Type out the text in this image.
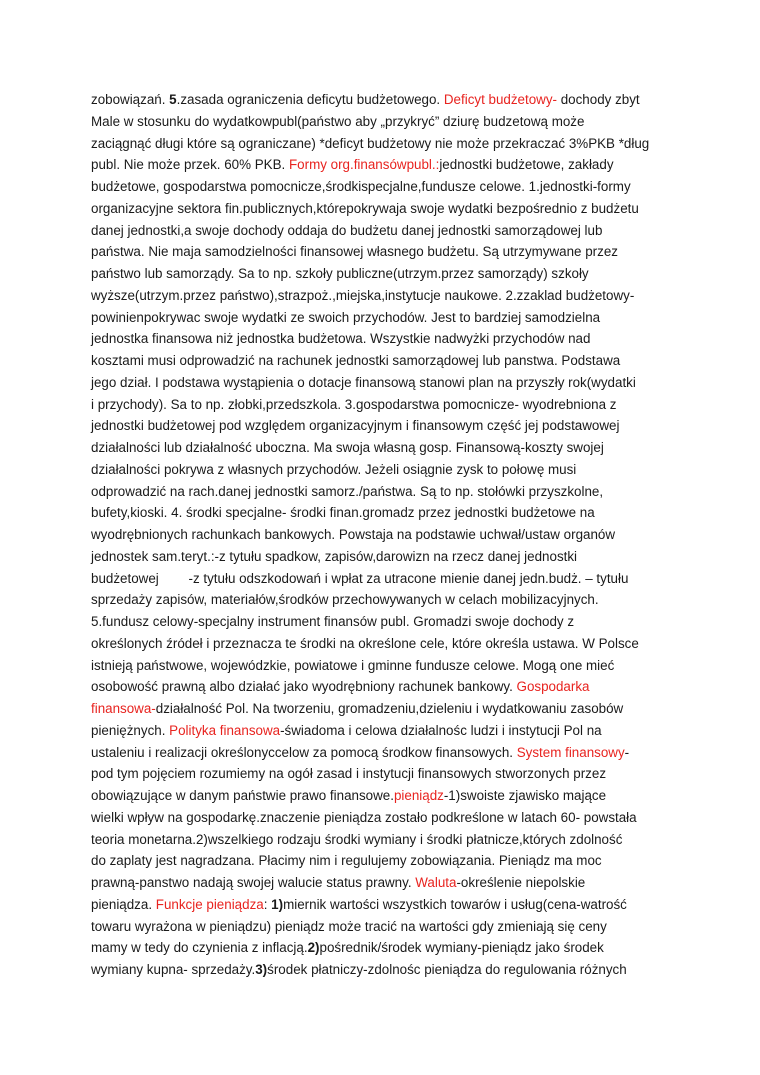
zobowiązań. 5.zasada ograniczenia deficytu budżetowego. Deficyt budżetowy- dochody zbyt
Male w stosunku do wydatkowpubl(państwo aby „przykryć” dziurę budzetową może
zaciągnąć długi które są ograniczane) *deficyt budżetowy nie może przekraczać 3%PKB *dług
publ. Nie może przek. 60% PKB. Formy org.finansówpubl.:jednostki budżetowe, zakłady
budżetowe, gospodarstwa pomocnicze,środkispecjalne,fundusze celowe. 1.jednostki-formy
organizacyjne sektora fin.publicznych,którepokrywaja swoje wydatki bezpośrednio z budżetu
danej jednostki,a swoje dochody oddaja do budżetu danej jednostki samorządowej lub
państwa. Nie maja samodzielności finansowej własnego budżetu. Są utrzymywane przez
państwo lub samorządy. Sa to np. szkoły publiczne(utrzym.przez samorządy) szkoły
wyższe(utrzym.przez państwo),strazpoż.,miejska,instytucje naukowe. 2.zzaklad budżetowy-
powinienpokrywac swoje wydatki ze swoich przychodów. Jest to bardziej samodzielna
jednostka finansowa niż jednostka budżetowa. Wszystkie nadwyżki przychodów nad
kosztami musi odprowadzić na rachunek jednostki samorządowej lub panstwa. Podstawa
jego dział. I podstawa wystąpienia o dotacje finansową stanowi plan na przyszły rok(wydatki
i przychody). Sa to np. złobki,przedszkola. 3.gospodarstwa pomocnicze- wyodrebniona z
jednostki budżetowej pod względem organizacyjnym i finansowym część jej podstawowej
działalności lub działalność uboczna. Ma swoja własną gosp. Finansową-koszty swojej
działalności pokrywa z własnych przychodów. Jeżeli osiągnie zysk to połowę musi
odprowadzić na rach.danej jednostki samorz./państwa. Są to np. stołówki przyszkolne,
bufety,kioski. 4. środki specjalne- środki finan.gromadz przez jednostki budżetowe na
wyodrębnionych rachunkach bankowych. Powstaja na podstawie uchwał/ustaw organów
jednostek sam.teryt.:-z tytułu spadkow, zapisów,darowizn na rzecz danej jednostki
budżetowej        -z tytułu odszkodowań i wpłat za utracone mienie danej jedn.budż. – tytułu
sprzedaży zapisów, materiałów,środków przechowywanych w celach mobilizacyjnych.
5.fundusz celowy-specjalny instrument finansów publ. Gromadzi swoje dochody z
określonych źródeł i przeznacza te środki na określone cele, które określa ustawa. W Polsce
istnieją państwowe, wojewódzkie, powiatowe i gminne fundusze celowe. Mogą one mieć
osobowość prawną albo działać jako wyodrębniony rachunek bankowy. Gospodarka
finansowa-działalność Pol. Na tworzeniu, gromadzeniu,dzieleniu i wydatkowaniu zasobów
pieniężnych. Polityka finansowa-świadoma i celowa działalnośc ludzi i instytucji Pol na
ustaleniu i realizacji określonyccelow za pomocą środkow finansowych. System finansowy-
pod tym pojęciem rozumiemy na ogół zasad i instytucji finansowych stworzonych przez
obowiązujące w danym państwie prawo finansowe.pieniądz-1)swoiste zjawisko mające
wielki wpływ na gospodarkę.znaczenie pieniądza zostało podkreślone w latach 60- powstała
teoria monetarna.2)wszelkiego rodzaju środki wymiany i środki płatnicze,których zdolność
do zaplaty jest nagradzana. Płacimy nim i regulujemy zobowiązania. Pieniądz ma moc
prawną-panstwo nadają swojej walucie status prawny. Waluta-określenie niepolskie
pieniądza. Funkcje pieniądza: 1)miernik wartości wszystkich towarów i usług(cena-watrość
towaru wyrażona w pieniądzu) pieniądz może tracić na wartości gdy zmieniają się ceny
mamy w tedy do czynienia z inflacją.2)pośrednik/środek wymiany-pieniądz jako środek
wymiany kupna- sprzedaży.3)środek płatniczy-zdolnośc pieniądza do regulowania różnych
